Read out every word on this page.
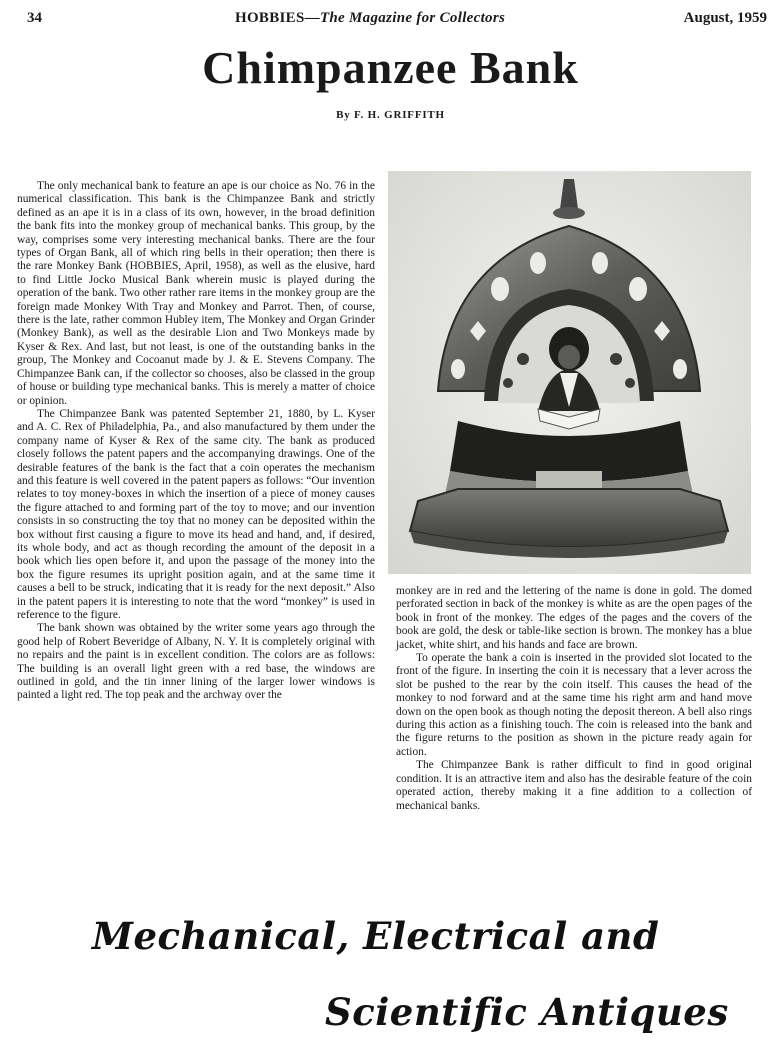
34	HOBBIES—The Magazine for Collectors	August, 1959
Chimpanzee Bank
By F. H. GRIFFITH

The only mechanical bank to feature an ape is our choice as No. 76 in the numerical classification. This bank is the Chimpanzee Bank and strictly defined as an ape it is in a class of its own, however, in the broad definition the bank fits into the monkey group of mechanical banks. This group, by the way, comprises some very interesting mechanical banks. There are the four types of Organ Bank, all of which ring bells in their operation; then there is the rare Monkey Bank (HOBBIES, April, 1958), as well as the elusive, hard to find Little Jocko Musical Bank wherein music is played during the operation of the bank. Two other rather rare items in the monkey group are the foreign made Monkey With Tray and Monkey and Parrot. Then, of course, there is the late, rather common Hubley item, The Monkey and Organ Grinder (Monkey Bank), as well as the desirable Lion and Two Monkeys made by Kyser & Rex. And last, but not least, is one of the outstanding banks in the group, The Monkey and Cocoanut made by J. & E. Stevens Company. The Chimpanzee Bank can, if the collector so chooses, also be classed in the group of house or building type mechanical banks. This is merely a matter of choice or opinion.

The Chimpanzee Bank was patented September 21, 1880, by L. Kyser and A. C. Rex of Philadelphia, Pa., and also manufactured by them under the company name of Kyser & Rex of the same city. The bank as produced closely follows the patent papers and the accompanying drawings. One of the desirable features of the bank is the fact that a coin operates the mechanism and this feature is well covered in the patent papers as follows: “Our invention relates to toy money-boxes in which the insertion of a piece of money causes the figure attached to and forming part of the toy to move; and our invention consists in so constructing the toy that no money can be deposited within the box without first causing a figure to move its head and hand, and, if desired, its whole body, and act as though recording the amount of the deposit in a book which lies open before it, and upon the passage of the money into the box the figure resumes its upright position again, and at the same time it causes a bell to be struck, indicating that it is ready for the next deposit.” Also in the patent papers it is interesting to note that the word “monkey” is used in reference to the figure.

The bank shown was obtained by the writer some years ago through the good help of Robert Beveridge of Albany, N. Y. It is completely original with no repairs and the paint is in excellent condition. The colors are as follows: The building is an overall light green with a red base, the windows are outlined in gold, and the tin inner lining of the larger lower windows is painted a light red. The top peak and the archway over the

monkey are in red and the lettering of the name is done in gold. The domed perforated section in back of the monkey is white as are the open pages of the book in front of the monkey. The edges of the pages and the covers of the book are gold, the desk or table-like section is brown. The monkey has a blue jacket, white shirt, and his hands and face are brown.

To operate the bank a coin is inserted in the provided slot located to the front of the figure. In inserting the coin it is necessary that a lever across the slot be pushed to the rear by the coin itself. This causes the head of the monkey to nod forward and at the same time his right arm and hand move down on the open book as though noting the deposit thereon. A bell also rings during this action as a finishing touch. The coin is released into the bank and the figure returns to the position as shown in the picture ready again for action.

The Chimpanzee Bank is rather difficult to find in good original condition. It is an attractive item and also has the desirable feature of the coin operated action, thereby making it a fine addition to a collection of mechanical banks.

Mechanical, Electrical and
Scientific Antiques
